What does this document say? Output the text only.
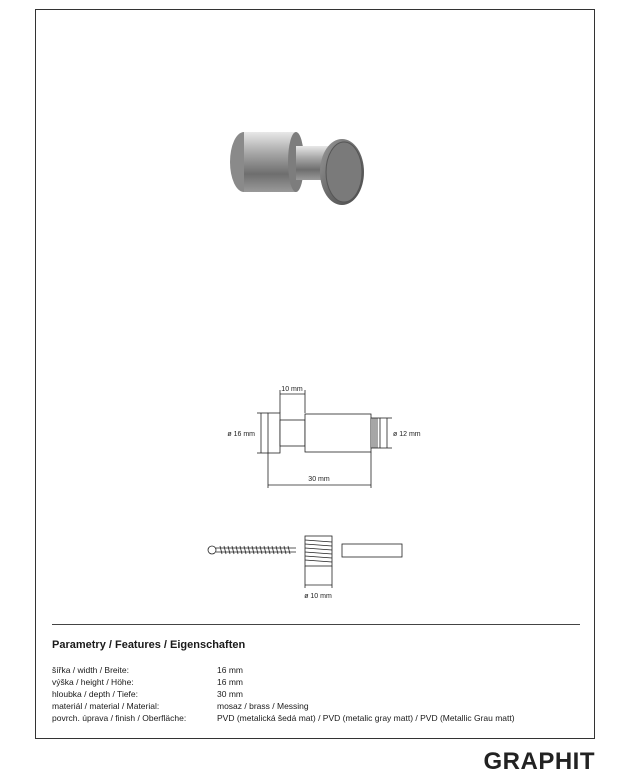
10 mm
ø 16 mm	ø 12 mm
30 mm
ø 10 mm
Parametry / Features / Eigenschaften
šířka / width / Breite:	16 mm
výška / height / Höhe:	16 mm
hloubka / depth / Tiefe:	30 mm
materiál / material / Material:	mosaz / brass / Messing
povrch. úprava / finish / Oberfläche:	PVD (metalická šedá mat) / PVD (metalic gray matt) / PVD (Metallic Grau matt)
GRAPHIT
